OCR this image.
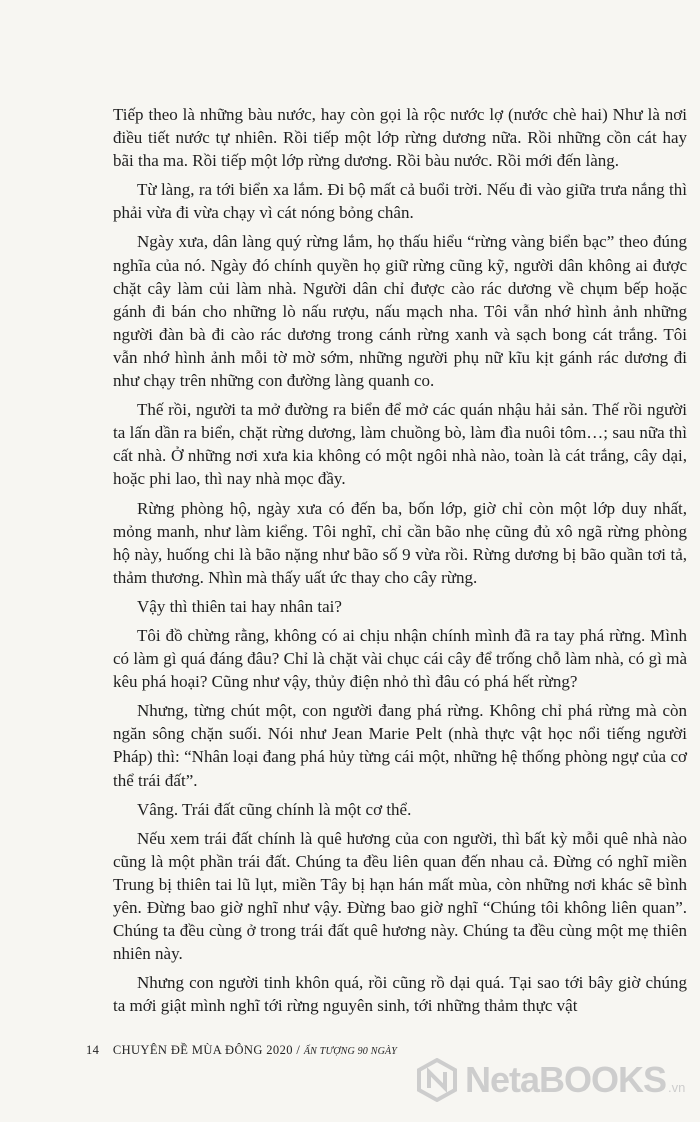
Tiếp theo là những bàu nước, hay còn gọi là rộc nước lợ (nước chè hai) Như là nơi điều tiết nước tự nhiên. Rồi tiếp một lớp rừng dương nữa. Rồi những cồn cát hay bãi tha ma. Rồi tiếp một lớp rừng dương. Rồi bàu nước. Rồi mới đến làng.

Từ làng, ra tới biển xa lắm. Đi bộ mất cả buổi trời. Nếu đi vào giữa trưa nắng thì phải vừa đi vừa chạy vì cát nóng bỏng chân.

Ngày xưa, dân làng quý rừng lắm, họ thấu hiểu “rừng vàng biển bạc” theo đúng nghĩa của nó. Ngày đó chính quyền họ giữ rừng cũng kỹ, người dân không ai được chặt cây làm củi làm nhà. Người dân chỉ được cào rác dương về chụm bếp hoặc gánh đi bán cho những lò nấu rượu, nấu mạch nha. Tôi vẫn nhớ hình ảnh những người đàn bà đi cào rác dương trong cánh rừng xanh và sạch bong cát trắng. Tôi vẫn nhớ hình ảnh mỗi tờ mờ sớm, những người phụ nữ kĩu kịt gánh rác dương đi như chạy trên những con đường làng quanh co.

Thế rồi, người ta mở đường ra biển để mở các quán nhậu hải sản. Thế rồi người ta lấn dần ra biển, chặt rừng dương, làm chuồng bò, làm đìa nuôi tôm…; sau nữa thì cất nhà. Ở những nơi xưa kia không có một ngôi nhà nào, toàn là cát trắng, cây dại, hoặc phi lao, thì nay nhà mọc đầy.

Rừng phòng hộ, ngày xưa có đến ba, bốn lớp, giờ chỉ còn một lớp duy nhất, mỏng manh, như làm kiểng. Tôi nghĩ, chỉ cần bão nhẹ cũng đủ xô ngã rừng phòng hộ này, huống chi là bão nặng như bão số 9 vừa rồi. Rừng dương bị bão quần tơi tả, thảm thương. Nhìn mà thấy uất ức thay cho cây rừng.

Vậy thì thiên tai hay nhân tai?

Tôi đồ chừng rằng, không có ai chịu nhận chính mình đã ra tay phá rừng. Mình có làm gì quá đáng đâu? Chỉ là chặt vài chục cái cây để trống chỗ làm nhà, có gì mà kêu phá hoại? Cũng như vậy, thủy điện nhỏ thì đâu có phá hết rừng?

Nhưng, từng chút một, con người đang phá rừng. Không chỉ phá rừng mà còn ngăn sông chặn suối. Nói như Jean Marie Pelt (nhà thực vật học nổi tiếng người Pháp) thì: “Nhân loại đang phá hủy từng cái một, những hệ thống phòng ngự của cơ thể trái đất”.

Vâng. Trái đất cũng chính là một cơ thể.

Nếu xem trái đất chính là quê hương của con người, thì bất kỳ mỗi quê nhà nào cũng là một phần trái đất. Chúng ta đều liên quan đến nhau cả. Đừng có nghĩ miền Trung bị thiên tai lũ lụt, miền Tây bị hạn hán mất mùa, còn những nơi khác sẽ bình yên. Đừng bao giờ nghĩ như vậy. Đừng bao giờ nghĩ “Chúng tôi không liên quan”. Chúng ta đều cùng ở trong trái đất quê hương này. Chúng ta đều cùng một mẹ thiên nhiên này.

Nhưng con người tinh khôn quá, rồi cũng rồ dại quá. Tại sao tới bây giờ chúng ta mới giật mình nghĩ tới rừng nguyên sinh, tới những thảm thực vật

14 CHUYÊN ĐỀ MÙA ĐÔNG 2020 / ẤN TƯỢNG 90 NGÀY
NetaBOOKS .vn
